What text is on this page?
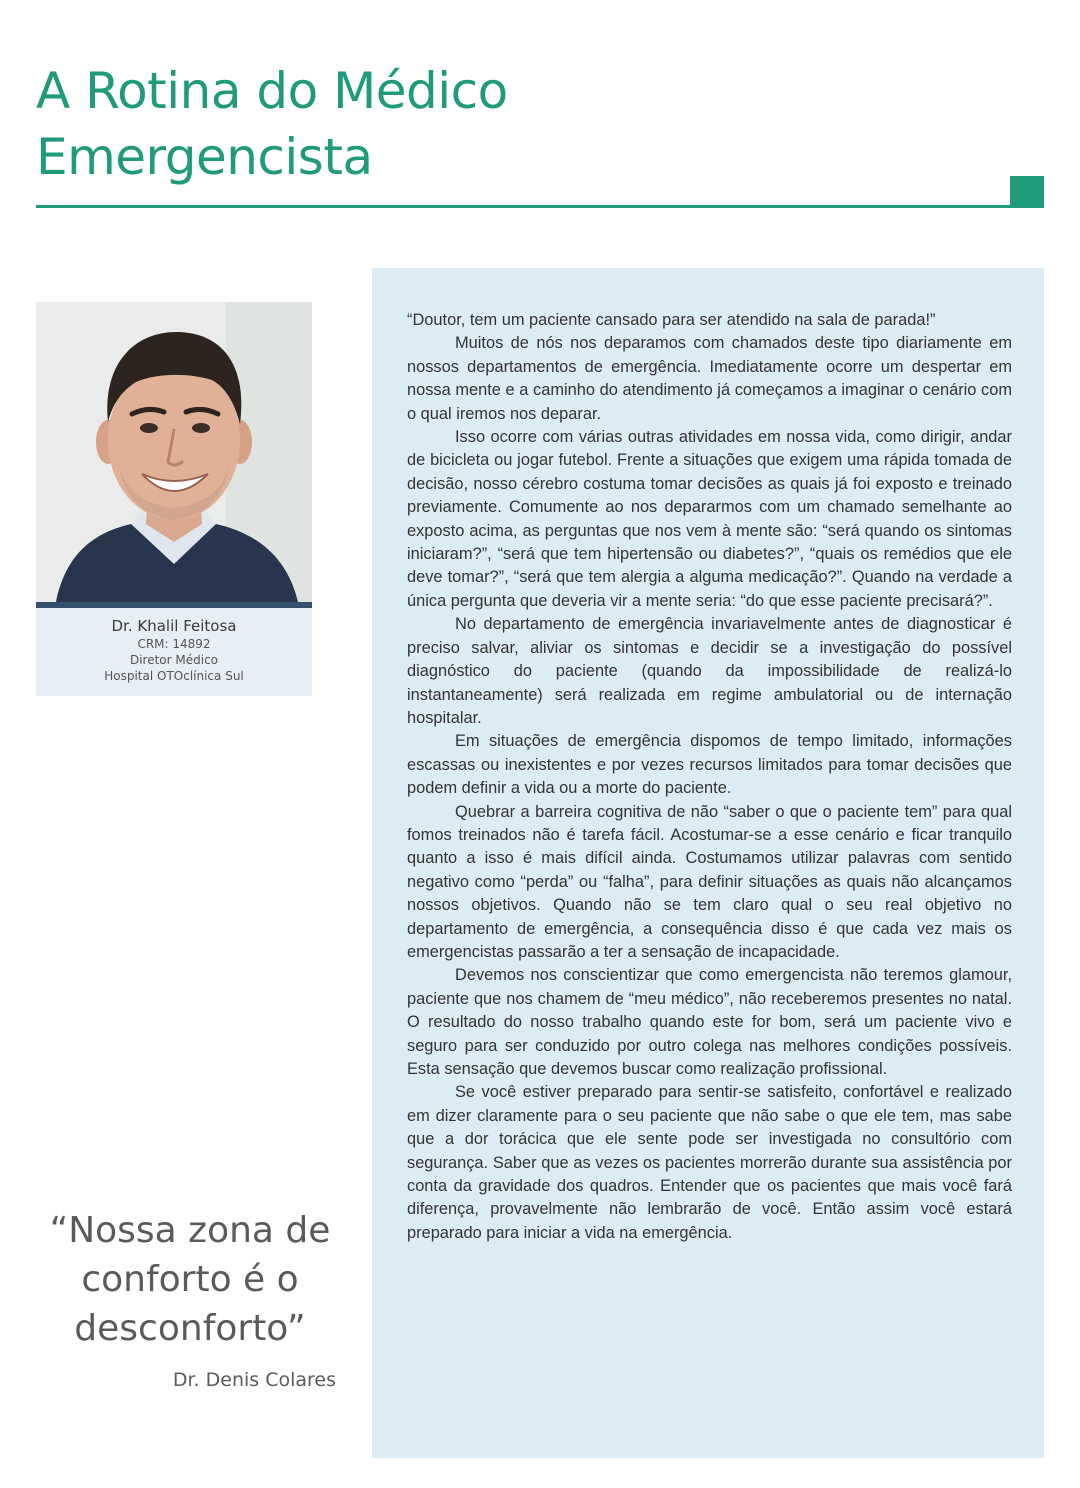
A Rotina do Médico
Emergencista
Dr. Khalil Feitosa
CRM: 14892
Diretor Médico
Hospital OTOclínica Sul
“Nossa zona de
conforto é o
desconforto”
Dr. Denis Colares

“Doutor, tem um paciente cansado para ser atendido na sala de parada!”

Muitos de nós nos deparamos com chamados deste tipo diariamente em nossos departamentos de emergência. Imediatamente ocorre um despertar em nossa mente e a caminho do atendimento já começamos a imaginar o cenário com o qual iremos nos deparar.

Isso ocorre com várias outras atividades em nossa vida, como dirigir, andar de bicicleta ou jogar futebol. Frente a situações que exigem uma rápida tomada de decisão, nosso cérebro costuma tomar decisões as quais já foi exposto e treinado previamente. Comumente ao nos depararmos com um chamado semelhante ao exposto acima, as perguntas que nos vem à mente são: “será quando os sintomas iniciaram?”, “será que tem hipertensão ou diabetes?”, “quais os remédios que ele deve tomar?”, “será que tem alergia a alguma medicação?”. Quando na verdade a única pergunta que deveria vir a mente seria: “do que esse paciente precisará?”.

No departamento de emergência invariavelmente antes de diagnosticar é preciso salvar, aliviar os sintomas e decidir se a investigação do possível diagnóstico do paciente (quando da impossibilidade de realizá-lo instantaneamente) será realizada em regime ambulatorial ou de internação hospitalar.

Em situações de emergência dispomos de tempo limitado, informações escassas ou inexistentes e por vezes recursos limitados para tomar decisões que podem definir a vida ou a morte do paciente.

Quebrar a barreira cognitiva de não “saber o que o paciente tem” para qual fomos treinados não é tarefa fácil. Acostumar-se a esse cenário e ficar tranquilo quanto a isso é mais difícil ainda. Costumamos utilizar palavras com sentido negativo como “perda” ou “falha”, para definir situações as quais não alcançamos nossos objetivos. Quando não se tem claro qual o seu real objetivo no departamento de emergência, a consequência disso é que cada vez mais os emergencistas passarão a ter a sensação de incapacidade.

Devemos nos conscientizar que como emergencista não teremos glamour, paciente que nos chamem de “meu médico”, não receberemos presentes no natal. O resultado do nosso trabalho quando este for bom, será um paciente vivo e seguro para ser conduzido por outro colega nas melhores condições possíveis. Esta sensação que devemos buscar como realização profissional.

Se você estiver preparado para sentir-se satisfeito, confortável e realizado em dizer claramente para o seu paciente que não sabe o que ele tem, mas sabe que a dor torácica que ele sente pode ser investigada no consultório com segurança. Saber que as vezes os pacientes morrerão durante sua assistência por conta da gravidade dos quadros. Entender que os pacientes que mais você fará diferença, provavelmente não lembrarão de você. Então assim você estará preparado para iniciar a vida na emergência.
